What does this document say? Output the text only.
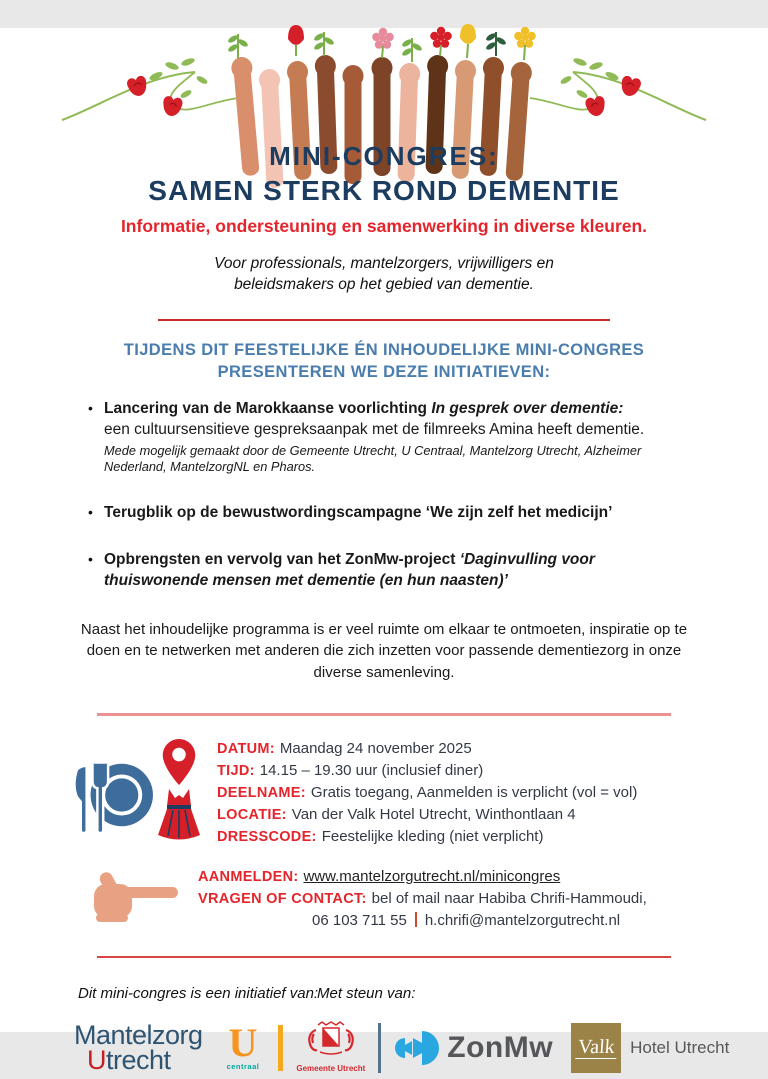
MINI-CONGRES:
SAMEN STERK ROND DEMENTIE
Informatie, ondersteuning en samenwerking in diverse kleuren.
Voor professionals, mantelzorgers, vrijwilligers en
beleidsmakers op het gebied van dementie.
TIJDENS DIT FEESTELIJKE ÉN INHOUDELIJKE MINI-CONGRES
PRESENTEREN WE DEZE INITIATIEVEN:
• Lancering van de Marokkaanse voorlichting In gesprek over dementie:
een cultuursensitieve gespreksaanpak met de filmreeks Amina heeft dementie.
Mede mogelijk gemaakt door de Gemeente Utrecht, U Centraal, Mantelzorg Utrecht, Alzheimer Nederland, MantelzorgNL en Pharos.
• Terugblik op de bewustwordingscampagne ‘We zijn zelf het medicijn’
• Opbrengsten en vervolg van het ZonMw-project ‘Daginvulling voor thuiswonende mensen met dementie (en hun naasten)’
Naast het inhoudelijke programma is er veel ruimte om elkaar te ontmoeten, inspiratie op te doen en te netwerken met anderen die zich inzetten voor passende dementiezorg in onze diverse samenleving.
DATUM: Maandag 24 november 2025
TIJD: 14.15 – 19.30 uur (inclusief diner)
DEELNAME: Gratis toegang, Aanmelden is verplicht (vol = vol)
LOCATIE: Van der Valk Hotel Utrecht, Winthontlaan 4
DRESSCODE: Feestelijke kleding (niet verplicht)
AANMELDEN: www.mantelzorgutrecht.nl/minicongres
VRAGEN OF CONTACT: bel of mail naar Habiba Chrifi-Hammoudi,
06 103 711 55 h.chrifi@mantelzorgutrecht.nl
Dit mini-congres is een initiatief van:
Met steun van:
Mantelzorg
Utrecht	U
centraal	Gemeente Utrecht
ZonMw Valk Hotel Utrecht
